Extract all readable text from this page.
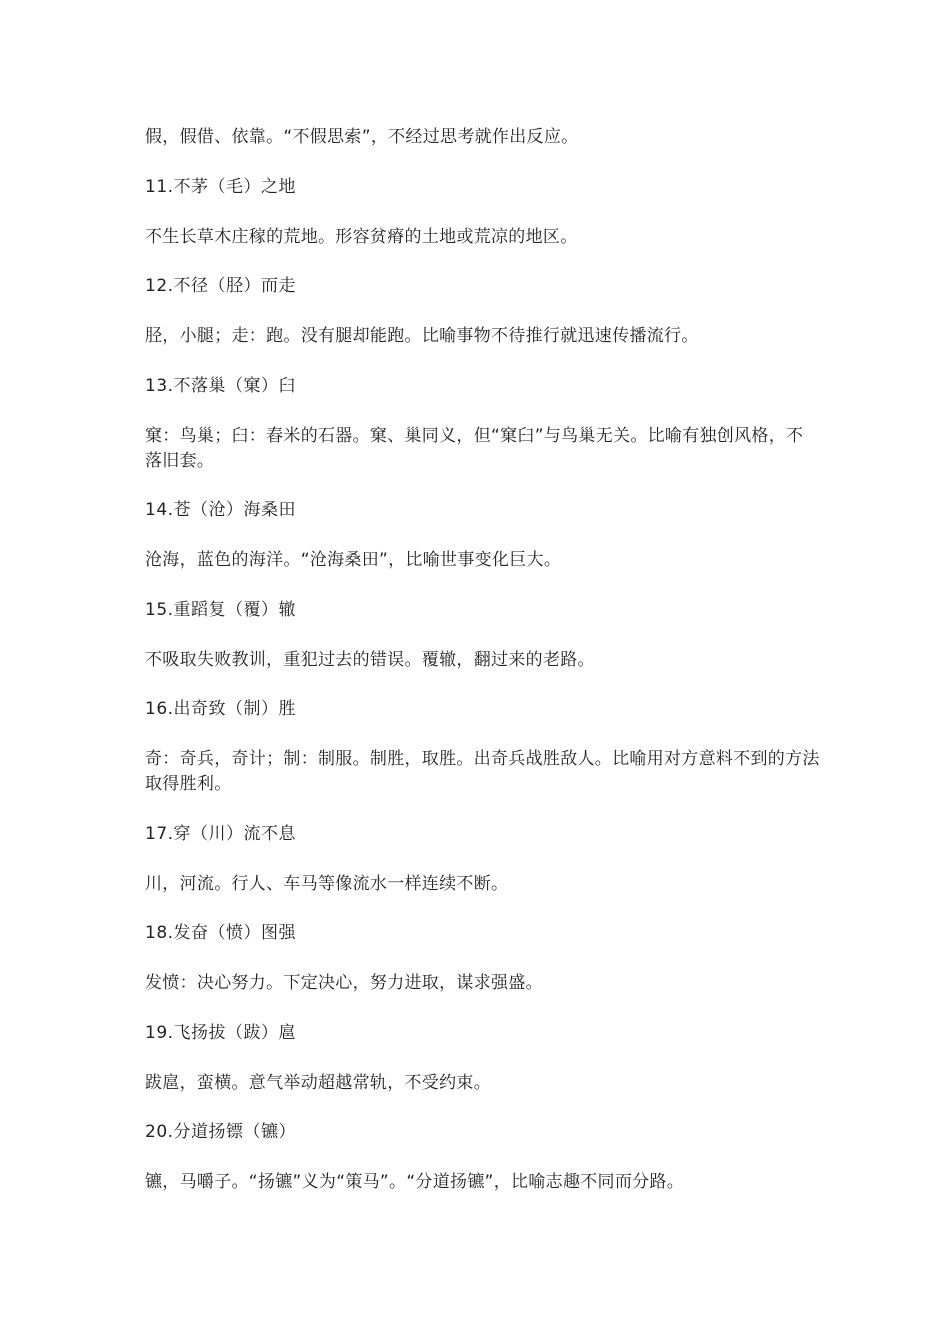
假，假借、依靠。“不假思索”，不经过思考就作出反应。
11.不茅（毛）之地
不生长草木庄稼的荒地。形容贫瘠的土地或荒凉的地区。
12.不径（胫）而走
胫，小腿；走：跑。没有腿却能跑。比喻事物不待推行就迅速传播流行。
13.不落巢（窠）臼
窠：鸟巢；臼：舂米的石器。窠、巢同义，但“窠臼”与鸟巢无关。比喻有独创风格，不落旧套。
14.苍（沧）海桑田
沧海，蓝色的海洋。“沧海桑田”，比喻世事变化巨大。
15.重蹈复（覆）辙
不吸取失败教训，重犯过去的错误。覆辙，翻过来的老路。
16.出奇致（制）胜
奇：奇兵，奇计；制：制服。制胜，取胜。出奇兵战胜敌人。比喻用对方意料不到的方法取得胜利。
17.穿（川）流不息
川，河流。行人、车马等像流水一样连续不断。
18.发奋（愤）图强
发愤：决心努力。下定决心，努力进取，谋求强盛。
19.飞扬拔（跋）扈
跋扈，蛮横。意气举动超越常轨，不受约束。
20.分道扬镖（镳）
镳，马嚼子。“扬镳”义为“策马”。“分道扬镳”，比喻志趣不同而分路。
